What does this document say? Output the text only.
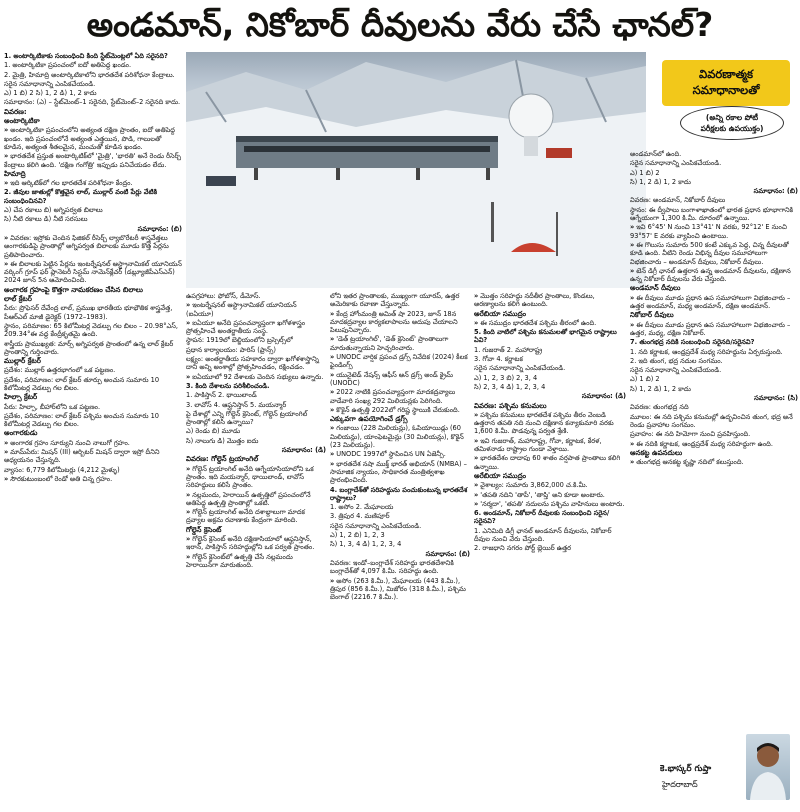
అండమాన్, నికోబార్ దీవులను వేరు చేసే ఛానల్?
వివరణాత్మక
సమాధానాలతో
(అన్ని రకాల పోటీ
పరీక్షలకు ఉపయుక్తం)

1. అంటార్కిటికాకు సంబంధించి కింది స్టేట్‌మెంట్లలో ఏది సరైనది?

1. అంటార్కిటికా ప్రపంచంలో ఐదో అతిపెద్ద ఖండం.

2. మైత్రి, హిమాద్రి అంటార్కిటికాలోని భారతదేశ పరిశోధనా కేంద్రాలు.

సరైన సమాధానాన్ని ఎంపికచేయండి.

ఎ) 1 బి) 2 సి) 1, 2 డి) 1, 2 కాదు

సమాధానం: (ఎ) – స్టేట్‌మెంట్–1 సరైనది, స్టేట్‌మెంట్–2 సరైనది కాదు.

వివరణ:

అంటార్కిటికా

» అంటార్కిటికా ప్రపంచంలోని అత్యంత దక్షిణ ప్రాంతం, ఐదో అతిపెద్ద ఖండం. ఇది ప్రపంచంలోనే అత్యంత ఎత్తయిన, పొడి, గాలులతో కూడిన, అత్యంత శీతలమైన, మంచుతో కూడిన ఖండం.

» భారతదేశ ప్రస్తుత అంటార్కిటిక్‌లో 'మైత్రి', 'భారతి' అనే రెండు రీసెర్చ్ కేంద్రాలు కలిగి ఉంది. 'దక్షిణ గంగోత్రి' ఇప్పుడు పనిచేయడం లేదు.

హిమాద్రి

» ఇది ఆర్కిటిక్‌లో గల భారతదేశ పరిశోధనా కేంద్రం.

2. జీవుల జాతుల్లో కొత్తవైన లాల్, ముల్లార్ వంటి పేర్లు వేటికి సంబంధించినవి?

ఎ) చేప రకాలు బి) అగ్నిపర్వత బిలాలు

సి) నీటి రకాలు డి) నీటి సరసులు

సమాధానం: (బి)

» వివరణ: ఇస్రోకు చెందిన ఫిజికల్ రీసెర్చ్ ల్యాబొరేటరీ శాస్త్రవేత్తలు అంగారకుడిపై ప్రాంతాల్లో అగ్నిపర్వత బిలాలకు మూడు కొత్త పేర్లను ప్రతిపాదించారు.

» ఈ బిలాలకు పెట్టిన పేర్లను ఇంటర్నేషనల్ ఆస్ట్రానామికల్ యూనియన్ వర్కింగ్ గ్రూప్ ఫర్ ప్లానెటరీ సిస్టమ్ నామెన్‌క్లేచర్ (డబ్ల్యూజీపీఎస్‌ఎన్) 2024 జూన్ 5న ఆమోదించింది.

అంగారక గ్రహంపై కొత్తగా నామకరణం చేసిన బిలాలు

లాల్ క్రేటర్

పేరు: ప్రొఫెసర్ దేవేంద్ర లాల్, ప్రముఖ భారతీయ భూభౌతిక శాస్త్రవేత్త, పీఆర్‌ఎల్ మాజీ డైరెక్టర్ (1972–1983).

స్థానం, పరిమాణం: 65 కిలోమీటర్ల వెడల్పు గల బిలం – 20.98°ఎస్, 209.34°ఈ వద్ద కేంద్రీకృతమై ఉంది.

శాస్త్రీయ ప్రాముఖ్యత: మార్స్ అగ్నిపర్వత ప్రాంతంలో ఉన్న లాల్ క్రేటర్ ప్రాంతాన్ని గుర్తించారు.

ముల్లార్ క్రేటర్

ప్రదేశం: ముల్లార్ ఉత్తరభాగంలో ఒక పట్టణం.

ప్రదేశం, పరిమాణం: లాల్ క్రేటర్ తూర్పు అంచున సుమారు 10 కిలోమీటర్ల వెడల్పు గల బిలం.

హిల్సా క్రేటర్

పేరు: హిల్సా, బీహార్‌లోని ఒక పట్టణం.

ప్రదేశం, పరిమాణం: లాల్ క్రేటర్ పశ్చిమ అంచున సుమారు 10 కిలోమీటర్ల వెడల్పు గల బిలం.

అంగారకుడు

» అంగారక గ్రహం సూర్యుని నుంచి నాలుగో గ్రహం.

» మామ్‌పేరు: మిషన్ (III) ఆర్బిటర్ మిషన్ ద్వారా ఇస్రో దీనిని అధ్యయనం చేస్తున్నది.

వ్యాసం: 6,779 కిలోమీటర్లు (4,212 మైళ్ళు)

» సౌరకుటుంబంలో రెండో అతి చిన్న గ్రహం.

ఉపగ్రహాలు: ఫోబోస్, డీమోస్.

» ఇంటర్నేషనల్ ఆస్ట్రానామికల్ యూనియన్ (ఐఏయూ)

» ఐఏయూ అనేది ప్రపంచవ్యాప్తంగా ఖగోళశాస్త్రం ప్రోత్సహించే అంతర్జాతీయ సంస్థ.

స్థాపన: 1919లో బెల్జియంలోని బ్రస్సెల్స్‌లో

ప్రధాన కార్యాలయం: పారిస్ (ఫ్రాన్స్)

లక్ష్యం: అంతర్జాతీయ సహకారం ద్వారా ఖగోళశాస్త్రాన్ని దాని అన్ని అంశాల్లో ప్రోత్సహించడం, రక్షించడం.

» ఐఏయూలో 92 దేశాలకు చెందిన సభ్యులు ఉన్నారు.

3. కింది దేశాలను పరిశీలించండి.

1. పాకిస్తాన్ 2. థాయిలాండ్

3. లావోస్ 4. ఆఫ్ఘనిస్తాన్ 5. మయన్మార్

పై దేశాల్లో ఎన్ని గోల్డెన్ క్రెసెంట్, గోల్డెన్ ట్రయాంగిల్ ప్రాంతాల్లో కలిసి ఉన్నాయి?

ఎ) రెండు బి) మూడు

సి) నాలుగు డి) మొత్తం ఐదు

సమాధానం: (డి)

వివరణ: గోల్డెన్ ట్రయాంగిల్

» గోల్డెన్ ట్రయాంగిల్ అనేది ఆగ్నేయాసియాలోని ఒక ప్రాంతం. ఇది మయన్మార్, థాయిలాండ్, లావోస్ సరిహద్దులు కలిసే ప్రాంతం.

» నల్లమందు, హెరాయిన్ ఉత్పత్తిలో ప్రపంచంలోనే అతిపెద్ద ఉత్పత్తి ప్రాంతాల్లో ఒకటి.

» గోల్డెన్ ట్రయాంగిల్ అనేది దశాబ్దాలుగా మాదక ద్రవ్యాల అక్రమ రవాణాకు కేంద్రంగా మారింది.

గోల్డెన్ క్రెసెంట్

» గోల్డెన్ క్రెసెంట్ అనేది దక్షిణాసియాలో ఆఫ్ఘనిస్తాన్, ఇరాన్, పాకిస్తాన్ సరిహద్దుల్లోని ఒక పర్వత ప్రాంతం.

» గోల్డెన్ క్రెసెంట్‌లో ఉత్పత్తి చేసే నల్లమందు హెరాయిన్‌గా మారుతుంది.

లోని ఇతర ప్రాంతాలకు, ముఖ్యంగా యూరప్, ఉత్తర అమెరికాకు రవాణా చేస్తున్నారు.

» కేంద్ర హోంమంత్రి అమిత్ షా 2023, జూన్ 18న మాదకద్రవ్యాల కార్యకలాపాలను అదుపు చేయాలని పిలుపునిచ్చారు.

» 'డెత్ ట్రయాంగిల్', 'డెత్ క్రెసెంట్' ప్రాంతాలుగా మారుతున్నాయని హెచ్చరించారు.

» UNODC వార్షిక ప్రపంచ డ్రగ్స్ నివేదిక (2024) కీలక ఫైండింగ్స్

» యునైటెడ్ నేషన్స్ ఆఫీస్ ఆన్ డ్రగ్స్ అండ్ క్రైమ్ (UNODC)

» 2022 నాటికి ప్రపంచవ్యాప్తంగా మాదకద్రవ్యాలు వాడేవారి సంఖ్య 292 మిలియన్లకు పెరిగింది.

» కొకైన్ ఉత్పత్తి 2022లో గరిష్ట స్థాయికి చేరుకుంది.

ఎక్కువగా ఉపయోగించే డ్రగ్స్

» గంజాయి (228 మిలియన్లు), ఓపియాయిడ్లు (60 మిలియన్లు), యాంఫెటమైన్లు (30 మిలియన్లు), కొకైన్ (23 మిలియన్లు).

» UNODC 1997లో స్థాపించిన UN ఏజెన్సీ.

» భారతదేశ నషా ముక్త్ భారత్ అభియాన్ (NMBA) – సామాజిక న్యాయం, సాధికారత మంత్రిత్వశాఖ ప్రారంభించింది.

4. బంగ్లాదేశ్‌తో సరిహద్దును పంచుకుంటున్న భారతదేశ రాష్ట్రాలు?

1. అసోం 2. మేఘాలయ

3. త్రిపుర 4. మణిపూర్

సరైన సమాధానాన్ని ఎంపికచేయండి.

ఎ) 1, 2 బి) 1, 2, 3

సి) 1, 3, 4 డి) 1, 2, 3, 4

సమాధానం: (బి)

వివరణ: ఇండో–బంగ్లాదేశ్ సరిహద్దు భారతదేశానికి బంగ్లాదేశ్‌తో 4,097 కి.మీ. సరిహద్దు ఉంది.

» అసోం (263 కి.మీ.), మేఘాలయ (443 కి.మీ.), త్రిపుర (856 కి.మీ.), మిజోరం (318 కి.మీ.), పశ్చిమ బెంగాల్ (2216.7 కి.మీ.).

» మొత్తం సరిహద్దు నదీతీర ప్రాంతాలు, కొండలు, అరణ్యాలను కలిగి ఉంటుంది.

అరేబియా సముద్రం

» ఈ సముద్రం భారతదేశ పశ్చిమ తీరంలో ఉంది.

5. కింది వాటిలో పశ్చిమ కనుమలతో భాగమైన రాష్ట్రాలు ఏవి?

1. గుజరాత్ 2. మహారాష్ట్ర

3. గోవా 4. కర్ణాటక

సరైన సమాధానాన్ని ఎంపికచేయండి.

ఎ) 1, 2, 3 బి) 2, 3, 4

సి) 2, 3, 4 డి) 1, 2, 3, 4

సమాధానం: (డి)

వివరణ: పశ్చిమ కనుమలు

» పశ్చిమ కనుమలు భారతదేశ పశ్చిమ తీరం వెంబడి ఉత్తరాన తపతి నది నుంచి దక్షిణాన కన్యాకుమారి వరకు 1,600 కి.మీ. పొడవున్న పర్వత శ్రేణి.

» ఇవి గుజరాత్, మహారాష్ట్ర, గోవా, కర్ణాటక, కేరళ, తమిళనాడు రాష్ట్రాల గుండా వెళ్తాయి.

» భారతదేశం దాదాపు 60 శాతం వర్షపాత ప్రాంతాలు కలిగి ఉన్నాయి.

అరేబియా సముద్రం

» వైశాల్యం: సుమారు 3,862,000 చ.కి.మీ.

» 'తపతి నదిని 'తాపీ', 'తాప్తి' అని కూడా అంటారు.

» 'నర్మదా', 'తపతి' నదులను పశ్చిమ వాహినులు అంటారు.

6. అండమాన్, నికోబార్ దీవులకు సంబంధించి సరైన/సరైనవి?

1. ఎనిమిది డిగ్రీ ఛానల్ అండమాన్ దీవులను, నికోబార్ దీవుల నుంచి వేరు చేస్తుంది.

2. రాజధాని నగరం పోర్ట్ బ్లెయిర్ ఉత్తర

అండమాన్‌లో ఉంది.

సరైన సమాధానాన్ని ఎంపికచేయండి.

ఎ) 1 బి) 2

సి) 1, 2 డి) 1, 2 కాదు

సమాధానం: (బి)

వివరణ: అండమాన్, నికోబార్ దీవులు

స్థానం: ఈ ద్వీపాలు బంగాళాఖాతంలో భారత ప్రధాన భూభాగానికి ఆగ్నేయంగా 1,300 కి.మీ. దూరంలో ఉన్నాయి.

» ఇవి 6°45' N నుంచి 13°41' N వరకు, 92°12' E నుంచి 93°57' E వరకు వ్యాపించి ఉంటాయి.

» ఈ గొలుసు సుమారు 500 కంటే ఎక్కువ పెద్ద, చిన్న దీవులతో కూడి ఉంది. వీటిని రెండు విభిన్న దీవుల సమూహాలుగా విభజించారు – అండమాన్ దీవులు, నికోబార్ దీవులు.

» టెన్ డిగ్రీ ఛానల్ ఉత్తరాన ఉన్న అండమాన్ దీవులను, దక్షిణాన ఉన్న నికోబార్ దీవులను వేరు చేస్తుంది.

అండమాన్ దీవులు

» ఈ దీవులు మూడు ప్రధాన ఉప సమూహాలుగా విభజించారు – ఉత్తర అండమాన్, మధ్య అండమాన్, దక్షిణ అండమాన్.

నికోబార్ దీవులు

» ఈ దీవులు మూడు ప్రధాన ఉప సమూహాలుగా విభజించారు – ఉత్తర, మధ్య, దక్షిణ నికోబార్.

7. తుంగభద్ర నదికి సంబంధించి సరైనది/సరైనవి?

1. నది కర్ణాటక, ఆంధ్రప్రదేశ్ మధ్య సరిహద్దును ఏర్పరుస్తుంది.

2. ఇది తుంగ, భద్ర నదుల సంగమం.

సరైన సమాధానాన్ని ఎంపికచేయండి.

ఎ) 1 బి) 2

సి) 1, 2 డి) 1, 2 కాదు

సమాధానం: (సి)

వివరణ: తుంగభద్ర నది

మూలం: ఈ నది పశ్చిమ కనుమల్లో ఉద్భవించిన తుంగ, భద్ర అనే రెండు ప్రవాహాల సంగమం.

ప్రవాహం: ఈ నది హిమోగా నుంచి ప్రవహిస్తుంది.

» ఈ నదికి కర్ణాటక, ఆంధ్రప్రదేశ్ మధ్య సరిహద్దుగా ఉంది.

ఆనకట్ట ఉపనదులు

» తుంగభద్ర ఆనకట్ట కృష్ణా నదిలో కలుస్తుంది.

కె.భాస్కర్ గుప్తా
హైదరాబాద్
